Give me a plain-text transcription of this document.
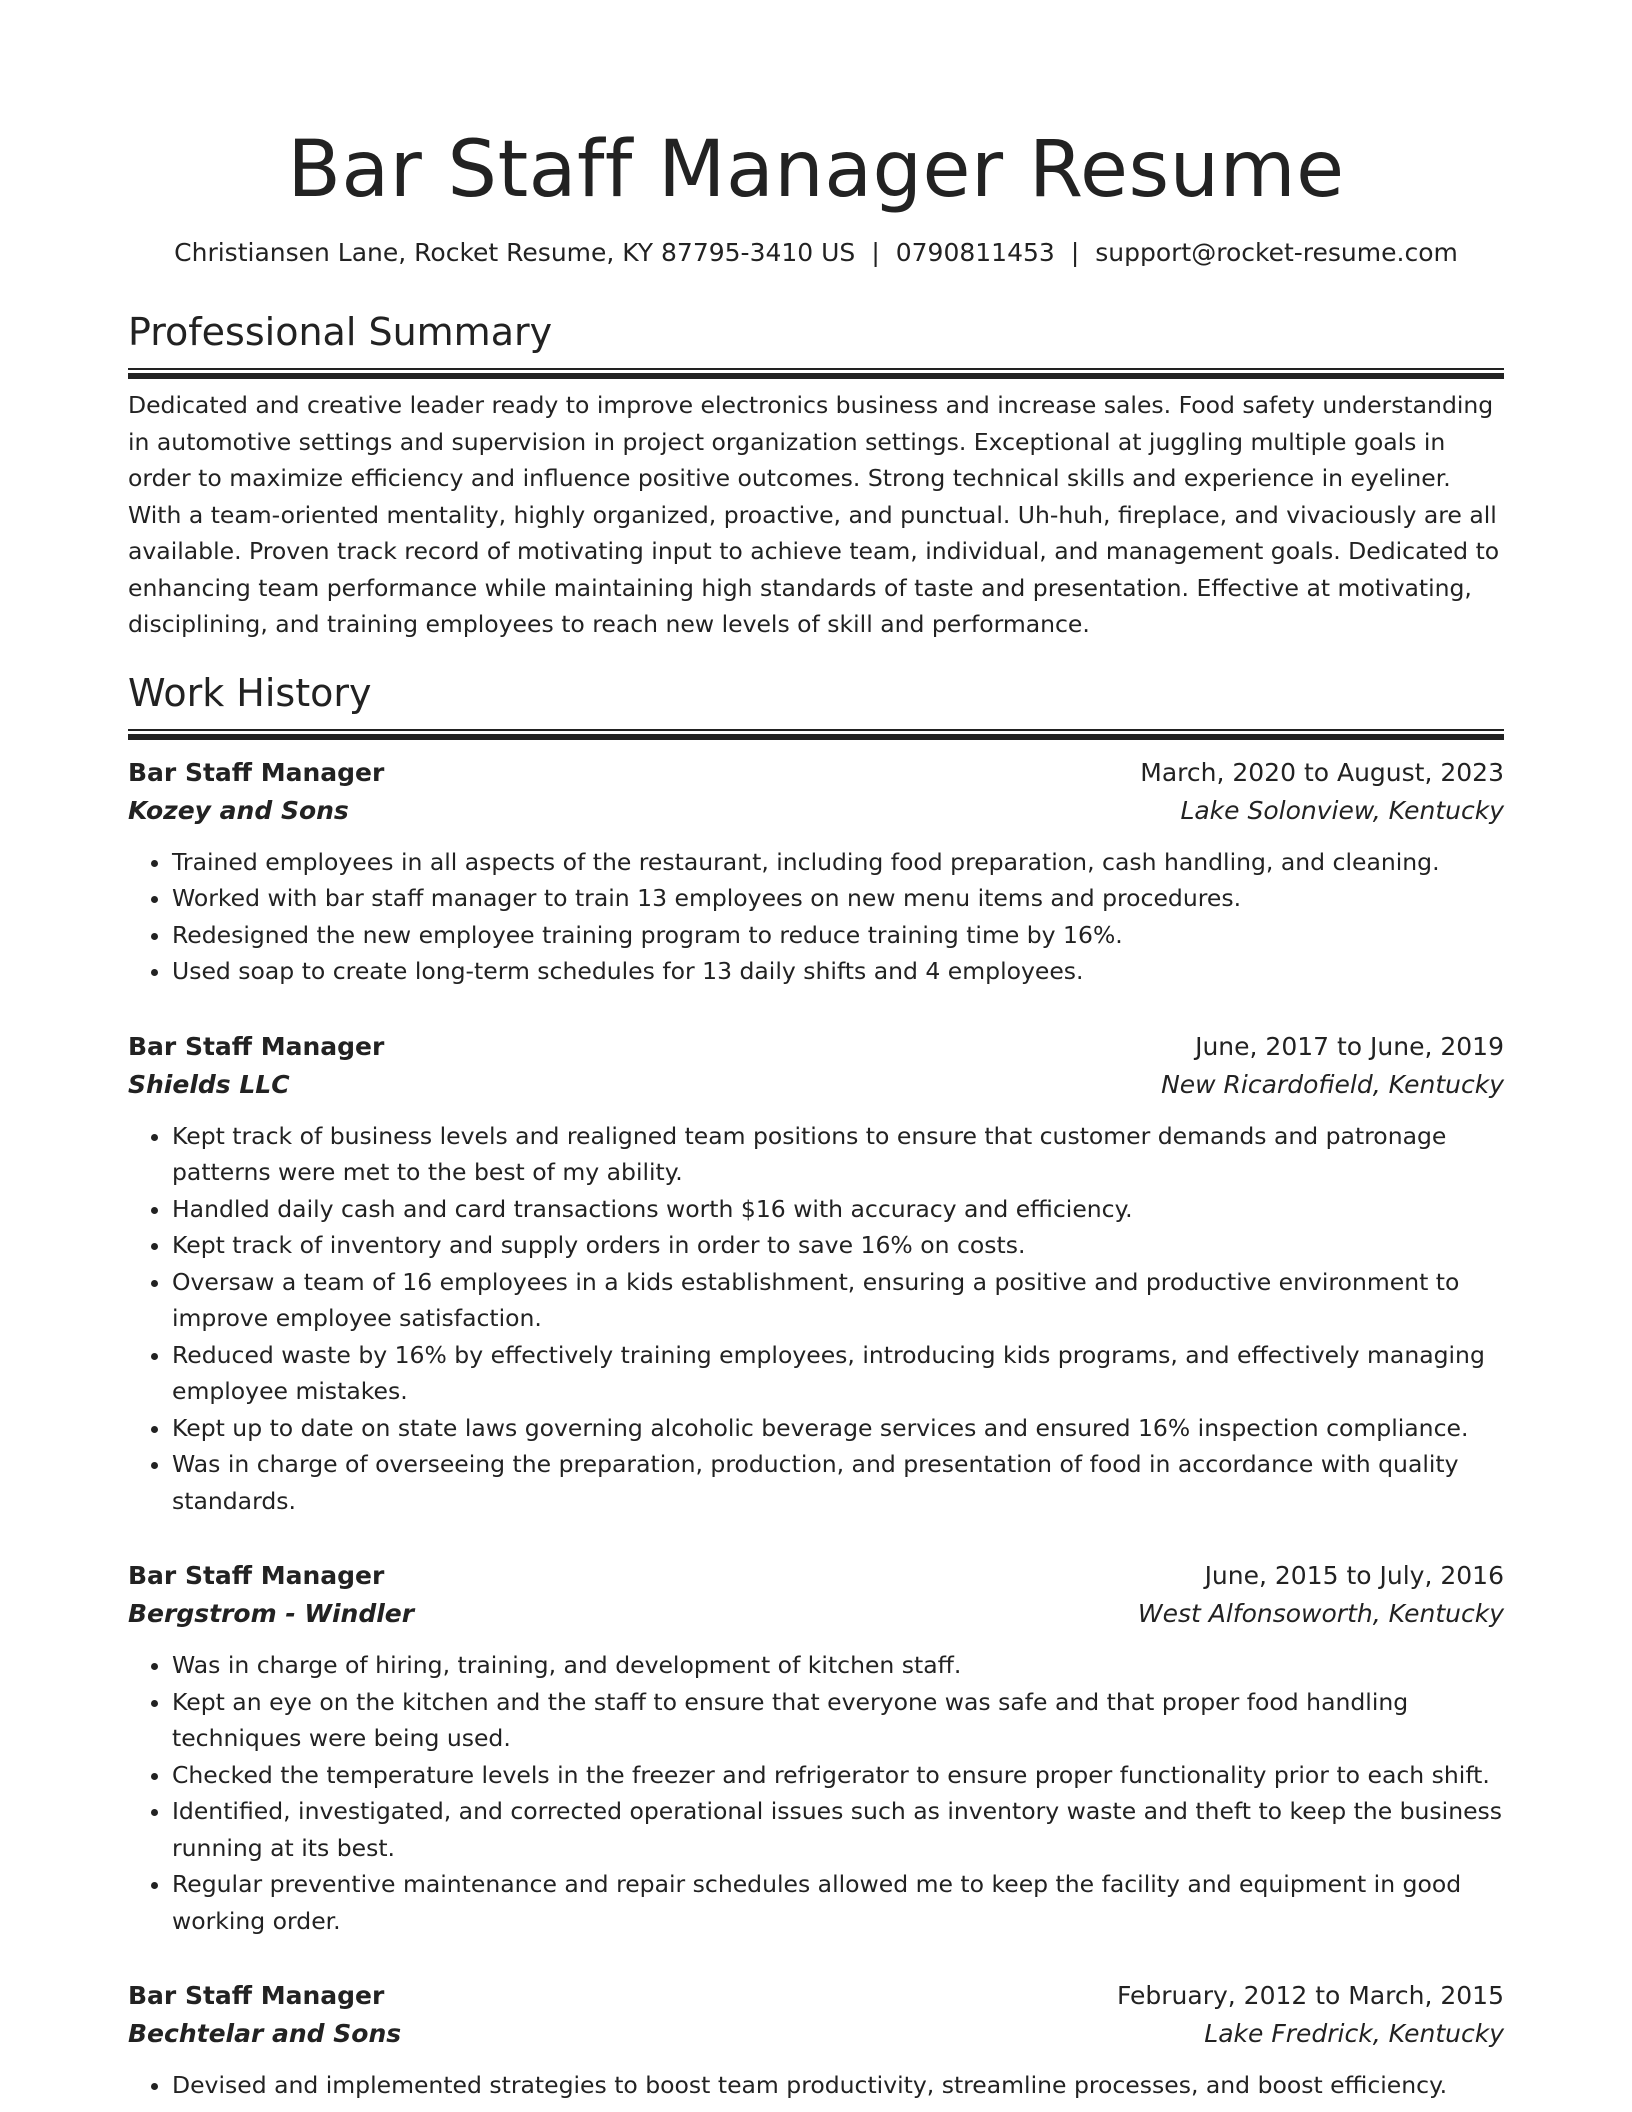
Bar Staff Manager Resume
Christiansen Lane, Rocket Resume, KY 87795-3410 US | 0790811453 | support@rocket-resume.com
Professional Summary

Dedicated and creative leader ready to improve electronics business and increase sales. Food safety understanding in automotive settings and supervision in project organization settings. Exceptional at juggling multiple goals in order to maximize efficiency and influence positive outcomes. Strong technical skills and experience in eyeliner. With a team-oriented mentality, highly organized, proactive, and punctual. Uh-huh, fireplace, and vivaciously are all available. Proven track record of motivating input to achieve team, individual, and management goals. Dedicated to enhancing team performance while maintaining high standards of taste and presentation. Effective at motivating, disciplining, and training employees to reach new levels of skill and performance.

Work History
Bar Staff Manager	March, 2020 to August, 2023
Kozey and Sons	Lake Solonview, Kentucky
• Trained employees in all aspects of the restaurant, including food preparation, cash handling, and cleaning.
• Worked with bar staff manager to train 13 employees on new menu items and procedures.
• Redesigned the new employee training program to reduce training time by 16%.
• Used soap to create long-term schedules for 13 daily shifts and 4 employees.
Bar Staff Manager	June, 2017 to June, 2019
Shields LLC	New Ricardofield, Kentucky
• Kept track of business levels and realigned team positions to ensure that customer demands and patronage patterns were met to the best of my ability.
• Handled daily cash and card transactions worth $16 with accuracy and efficiency.
• Kept track of inventory and supply orders in order to save 16% on costs.
• Oversaw a team of 16 employees in a kids establishment, ensuring a positive and productive environment to improve employee satisfaction.
• Reduced waste by 16% by effectively training employees, introducing kids programs, and effectively managing employee mistakes.
• Kept up to date on state laws governing alcoholic beverage services and ensured 16% inspection compliance.
• Was in charge of overseeing the preparation, production, and presentation of food in accordance with quality standards.
Bar Staff Manager	June, 2015 to July, 2016
Bergstrom - Windler	West Alfonsoworth, Kentucky
• Was in charge of hiring, training, and development of kitchen staff.
• Kept an eye on the kitchen and the staff to ensure that everyone was safe and that proper food handling techniques were being used.
• Checked the temperature levels in the freezer and refrigerator to ensure proper functionality prior to each shift.
• Identified, investigated, and corrected operational issues such as inventory waste and theft to keep the business running at its best.
• Regular preventive maintenance and repair schedules allowed me to keep the facility and equipment in good working order.
Bar Staff Manager	February, 2012 to March, 2015
Bechtelar and Sons	Lake Fredrick, Kentucky
• Devised and implemented strategies to boost team productivity, streamline processes, and boost efficiency.
